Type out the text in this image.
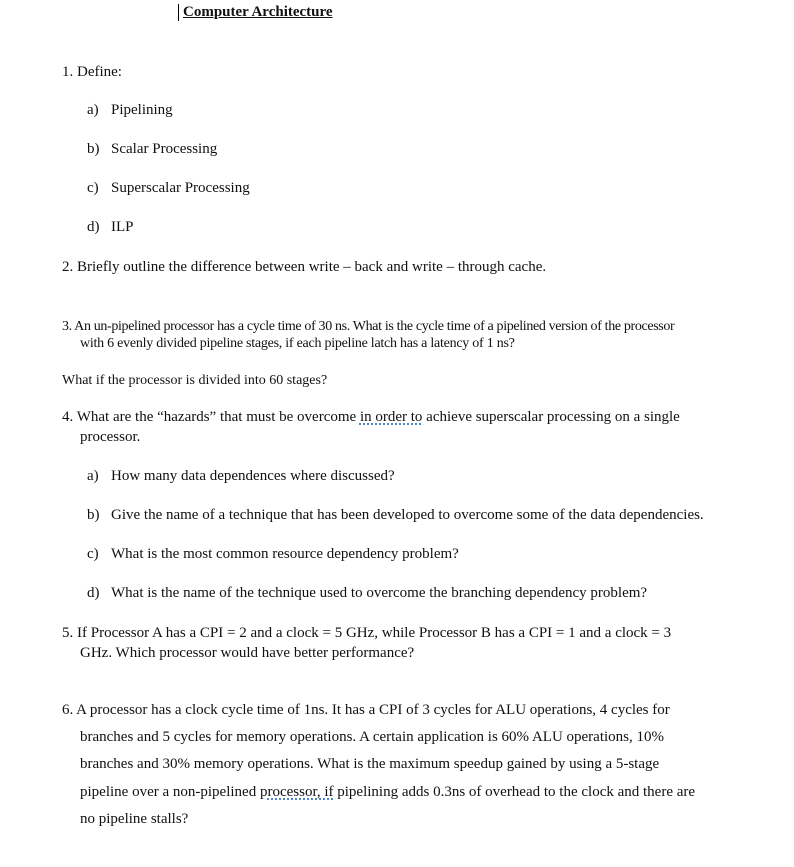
Computer Architecture
1. Define:
a) Pipelining
b) Scalar Processing
c) Superscalar Processing
d) ILP
2. Briefly outline the difference between write – back and write – through cache.
3. An un-pipelined processor has a cycle time of 30 ns. What is the cycle time of a pipelined version of the processor
with 6 evenly divided pipeline stages, if each pipeline latch has a latency of 1 ns?
What if the processor is divided into 60 stages?
4. What are the “hazards” that must be overcome in order to achieve superscalar processing on a single
processor.
a) How many data dependences where discussed?
b) Give the name of a technique that has been developed to overcome some of the data dependencies.
c) What is the most common resource dependency problem?
d) What is the name of the technique used to overcome the branching dependency problem?
5. If Processor A has a CPI = 2 and a clock = 5 GHz, while Processor B has a CPI = 1 and a clock = 3
GHz. Which processor would have better performance?
6. A processor has a clock cycle time of 1ns. It has a CPI of 3 cycles for ALU operations, 4 cycles for
branches and 5 cycles for memory operations. A certain application is 60% ALU operations, 10%
branches and 30% memory operations. What is the maximum speedup gained by using a 5-stage
pipeline over a non-pipelined processor, if pipelining adds 0.3ns of overhead to the clock and there are
no pipeline stalls?
